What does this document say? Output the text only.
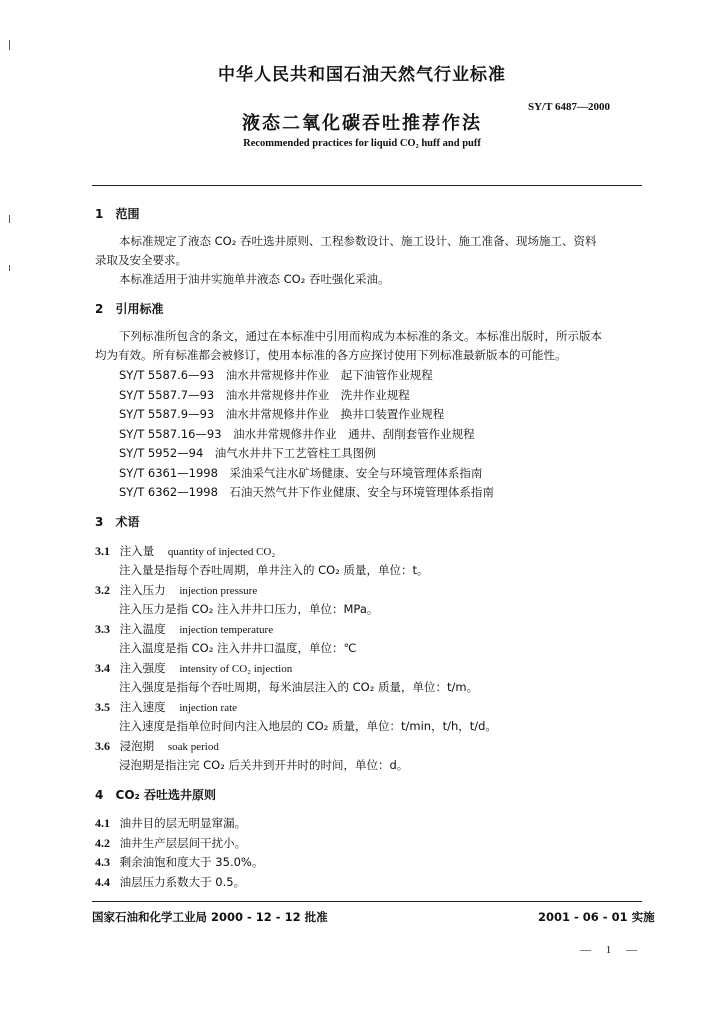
中华人民共和国石油天然气行业标准
SY/T 6487—2000
液态二氧化碳吞吐推荐作法
Recommended practices for liquid CO₂ huff and puff
1 范围
本标准规定了液态 CO₂ 吞吐选井原则、工程参数设计、施工设计、施工准备、现场施工、资料
录取及安全要求。
本标准适用于油井实施单井液态 CO₂ 吞吐强化采油。
2 引用标准
下列标准所包含的条文，通过在本标准中引用而构成为本标准的条文。本标准出版时，所示版本
均为有效。所有标准都会被修订，使用本标准的各方应探讨使用下列标准最新版本的可能性。
SY/T 5587.6—93　油水井常规修井作业　起下油管作业规程
SY/T 5587.7—93　油水井常规修井作业　洗井作业规程
SY/T 5587.9—93　油水井常规修井作业　换井口装置作业规程
SY/T 5587.16—93　油水井常规修井作业　通井、刮削套管作业规程
SY/T 5952—94　油气水井井下工艺管柱工具图例
SY/T 6361—1998　采油采气注水矿场健康、安全与环境管理体系指南
SY/T 6362—1998　石油天然气井下作业健康、安全与环境管理体系指南
3 术语
3.1 注入量 quantity of injected CO₂
注入量是指每个吞吐周期，单井注入的 CO₂ 质量，单位：t。
3.2 注入压力 injection pressure
注入压力是指 CO₂ 注入井井口压力，单位：MPa。
3.3 注入温度 injection temperature
注入温度是指 CO₂ 注入井井口温度，单位：℃
3.4 注入强度 intensity of CO₂ injection
注入强度是指每个吞吐周期，每米油层注入的 CO₂ 质量，单位：t/m。
3.5 注入速度 injection rate
注入速度是指单位时间内注入地层的 CO₂ 质量，单位：t/min，t/h，t/d。
3.6 浸泡期 soak period
浸泡期是指注完 CO₂ 后关井到开井时的时间，单位：d。
4 CO₂ 吞吐选井原则
4.1 油井目的层无明显窜漏。
4.2 油井生产层层间干扰小。
4.3 剩余油饱和度大于 35.0%。
4.4 油层压力系数大于 0.5。
国家石油和化学工业局 2000 - 12 - 12 批准	2001 - 06 - 01 实施
— 1 —
